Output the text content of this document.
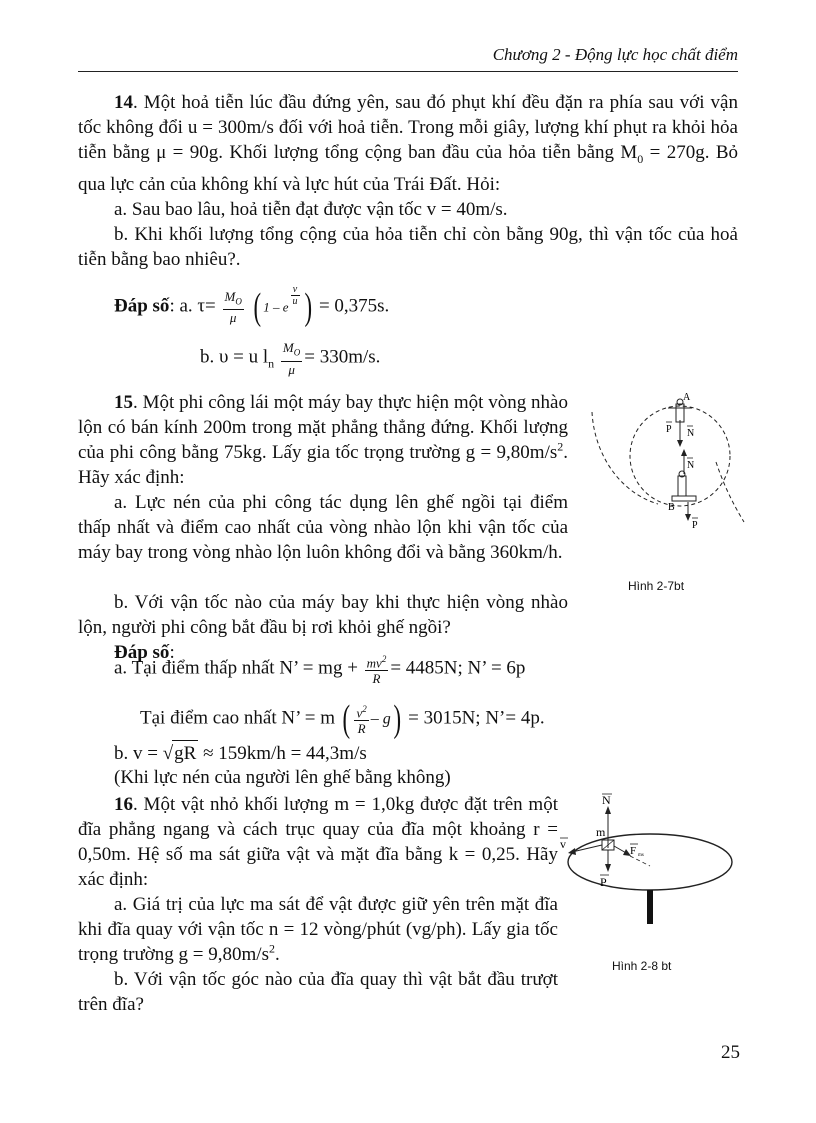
Chương 2 - Động lực học chất điểm

14. Một hoả tiễn lúc đầu đứng yên, sau đó phụt khí đều đặn ra phía sau với vận tốc không đổi u = 300m/s đối với hoả tiễn. Trong mỗi giây, lượng khí phụt ra khỏi hỏa tiễn bằng μ = 90g. Khối lượng tổng cộng ban đầu của hỏa tiễn bằng $M_0 = 270g$. Bỏ qua lực cản của không khí và lực hút của Trái Đất. Hỏi:

a. Sau bao lâu, hoả tiễn đạt được vận tốc v = 40m/s.

b. Khi khối lượng tổng cộng của hỏa tiễn chỉ còn bằng 90g, thì vận tốc của hoả tiễn bằng bao nhiêu?.

Đáp số: a. $\tau= \frac{M_O}{\mu}$ ( 1 – e $\frac{v}{u}$ ) = 0,375s.
b. υ = u $l_n \frac{M_O}{\mu} = 330m/s$.

15. Một phi công lái một máy bay thực hiện một vòng nhào lộn có bán kính 200m trong mặt phẳng thẳng đứng. Khối lượng của phi công bằng 75kg. Lấy gia tốc trọng trường $g = 9,80m/s^2$. Hãy xác định:

a. Lực nén của phi công tác dụng lên ghế ngồi tại điểm thấp nhất và điểm cao nhất của vòng nhào lộn khi vận tốc của máy bay trong vòng nhào lộn luôn không đổi và bằng 360km/h.

b. Với vận tốc nào của máy bay khi thực hiện vòng nhào lộn, người phi công bắt đầu bị rơi khỏi ghế ngồi?

Đáp số:

a. Tại điểm thấp nhất N’ = mg + $\frac{mv^2}{R} = 4485N$; N’ = 6p
Tại điểm cao nhất N’ = m ( $\frac{v^2}{R} - g) = 3015N$; N’= 4p.
b. v = √gR ≈ 159km/h = 44,3m/s
(Khi lực nén của người lên ghế bằng không)
A
P N
N
B
P
Hình 2-7bt

16. Một vật nhỏ khối lượng m = 1,0kg được đặt trên một đĩa phẳng ngang và cách trục quay của đĩa một khoảng r = 0,50m. Hệ số ma sát giữa vật và mặt đĩa bằng k = 0,25. Hãy xác định:

a. Giá trị của lực ma sát để vật được giữ yên trên mặt đĩa khi đĩa quay với vận tốc n = 12 vòng/phút (vg/ph). Lấy gia tốc trọng trường $g = 9,80m/s^2$.

b. Với vận tốc góc nào của đĩa quay thì vật bắt đầu trượt trên đĩa?

N
m
v	F ms
P
Hình 2-8 bt
25
